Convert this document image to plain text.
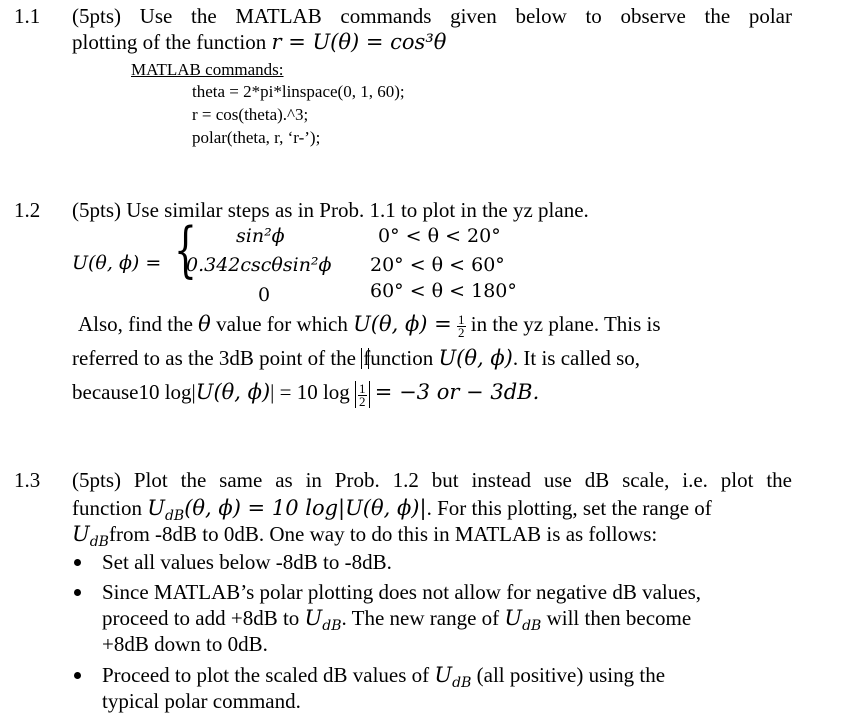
1.1 (5pts) Use the MATLAB commands given below to observe the polar
plotting of the function r = U(θ) = cos³θ
MATLAB commands:
theta = 2*pi*linspace(0, 1, 60);
r = cos(theta).^3;
polar(theta, r, ‘r-’);
1.2 (5pts) Use similar steps as in Prob. 1.1 to plot in the yz plane.
U(θ, ϕ) = { sin²ϕ
0.342cscθsin²ϕ
0
0° < θ < 20°
20° < θ < 60°
60° < θ < 180°
Also, find the θ value for which U(θ, $\phi) = \frac{1}{2}$ in the yz plane. This is
referred to as the 3dB point of the function U(θ, ϕ). It is called so,
because10 log|U(θ, ϕ)| = 10 $\log \frac{1}{2} = -3$ or − 3dB.
1.3 (5pts) Plot the same as in Prob. 1.2 but instead use dB scale, i.e. plot the
function $U_{dB}(\theta$, ϕ) = 10 log|U(θ, ϕ)|. For this plotting, set the range of
$U_{dB}from$ -8dB to 0dB. One way to do this in MATLAB is as follows:
Set all values below -8dB to -8dB.
Since MATLAB’s polar plotting does not allow for negative dB values,
proceed to add +8dB to $U_{dB}$. The new range of $U_{dB}$ will then become
+8dB down to 0dB.
Proceed to plot the scaled dB values of $U_{dB}$ (all positive) using the
typical polar command.
